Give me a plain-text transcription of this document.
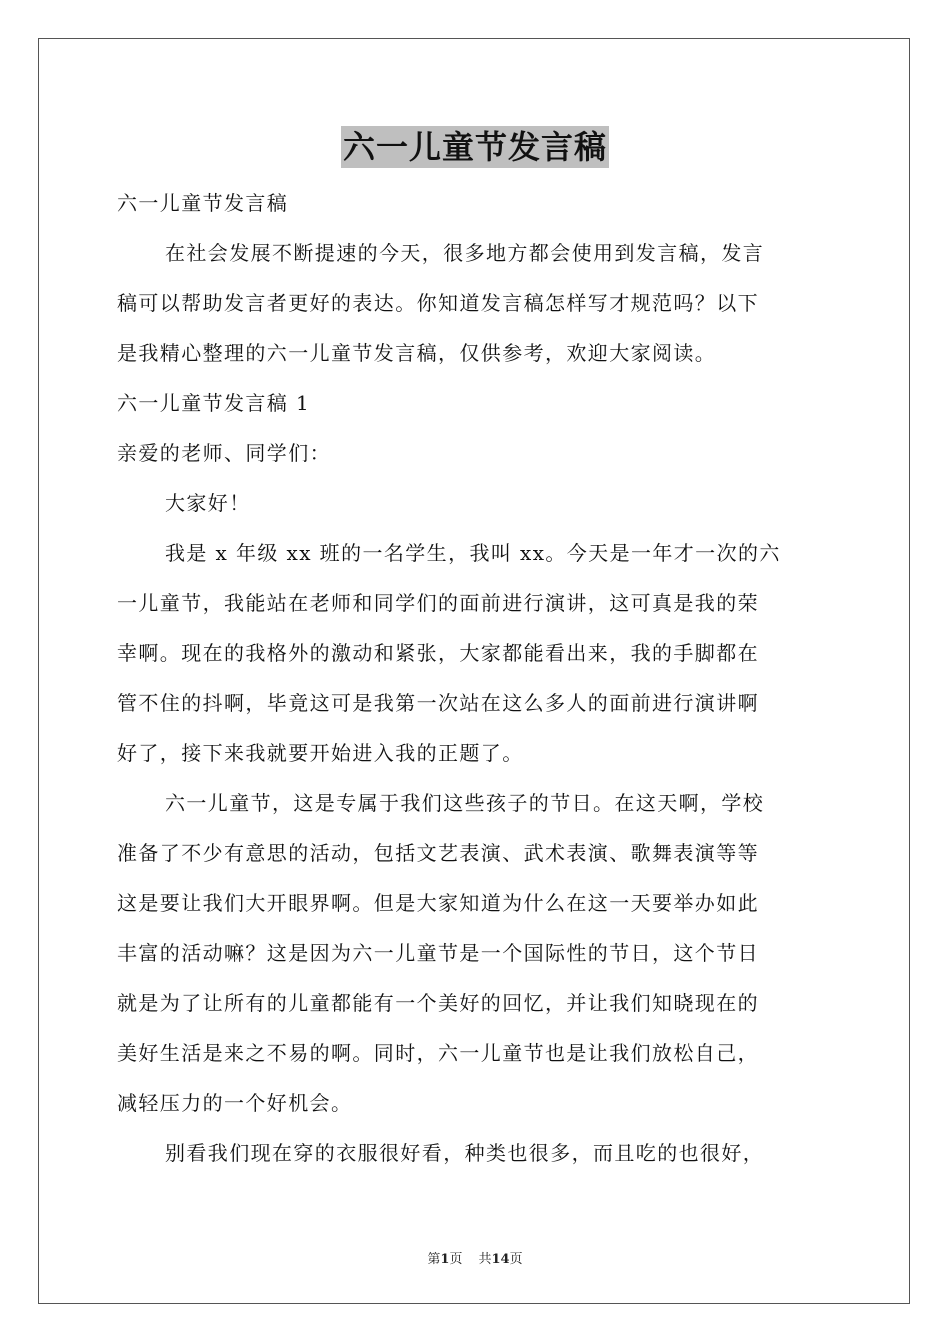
六一儿童节发言稿

六一儿童节发言稿

在社会发展不断提速的今天，很多地方都会使用到发言稿，发言

稿可以帮助发言者更好的表达。你知道发言稿怎样写才规范吗？以下

是我精心整理的六一儿童节发言稿，仅供参考，欢迎大家阅读。

六一儿童节发言稿 1

亲爱的老师、同学们：

大家好！

我是 x 年级 xx 班的一名学生，我叫 xx。今天是一年才一次的六

一儿童节，我能站在老师和同学们的面前进行演讲，这可真是我的荣

幸啊。现在的我格外的激动和紧张，大家都能看出来，我的手脚都在

管不住的抖啊，毕竟这可是我第一次站在这么多人的面前进行演讲啊

好了，接下来我就要开始进入我的正题了。

六一儿童节，这是专属于我们这些孩子的节日。在这天啊，学校

准备了不少有意思的活动，包括文艺表演、武术表演、歌舞表演等等

这是要让我们大开眼界啊。但是大家知道为什么在这一天要举办如此

丰富的活动嘛？这是因为六一儿童节是一个国际性的节日，这个节日

就是为了让所有的儿童都能有一个美好的回忆，并让我们知晓现在的

美好生活是来之不易的啊。同时，六一儿童节也是让我们放松自己，

减轻压力的一个好机会。

别看我们现在穿的衣服很好看，种类也很多，而且吃的也很好，

第1页 共14页
